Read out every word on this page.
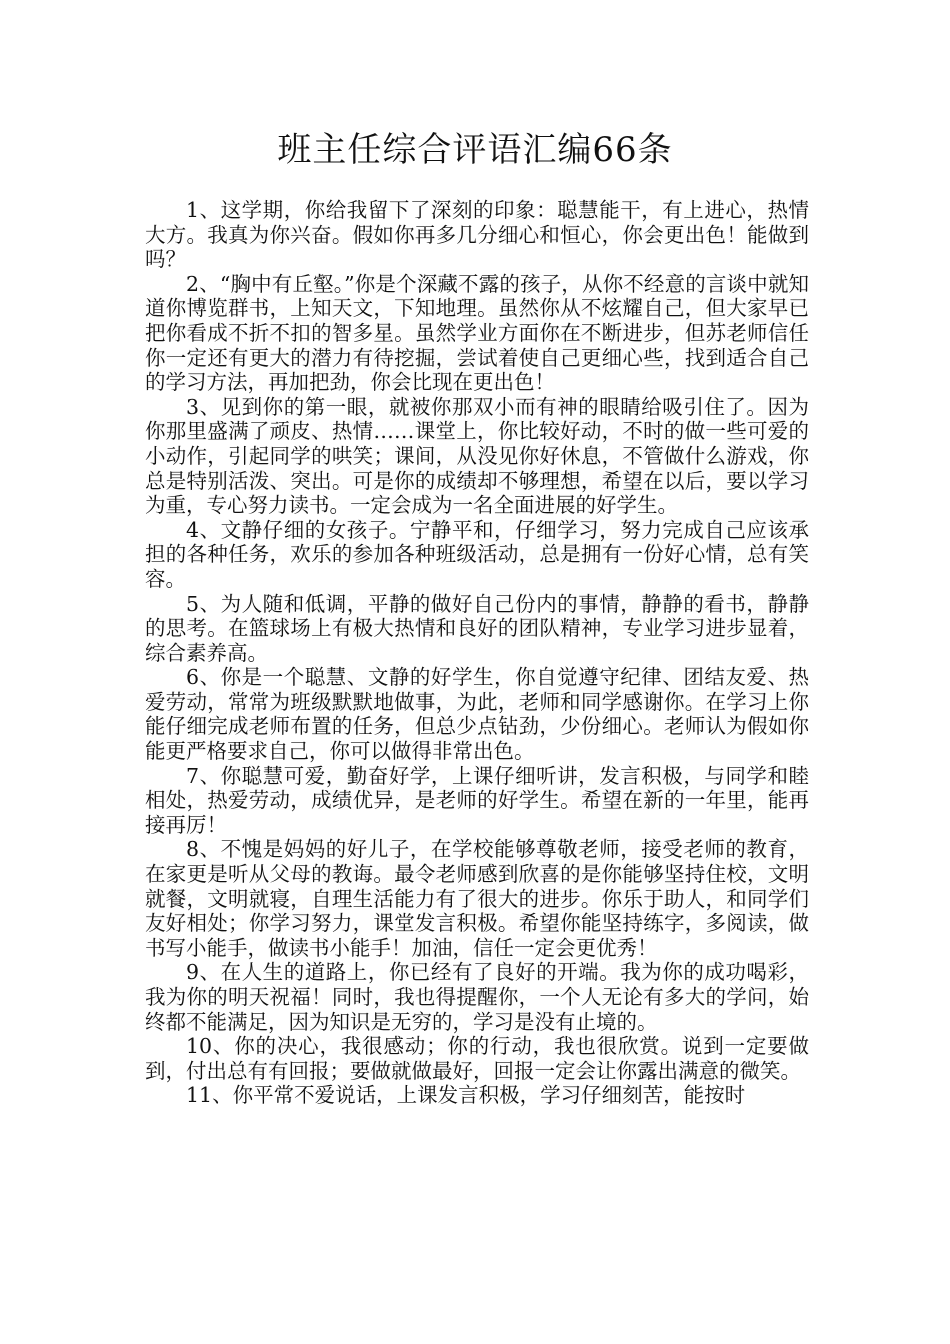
班主任综合评语汇编66条

1、这学期，你给我留下了深刻的印象：聪慧能干，有上进心，热情大方。我真为你兴奋。假如你再多几分细心和恒心，你会更出色！能做到吗？

2、“胸中有丘壑。”你是个深藏不露的孩子，从你不经意的言谈中就知道你博览群书，上知天文，下知地理。虽然你从不炫耀自己，但大家早已把你看成不折不扣的智多星。虽然学业方面你在不断进步，但苏老师信任你一定还有更大的潜力有待挖掘，尝试着使自己更细心些，找到适合自己的学习方法，再加把劲，你会比现在更出色！

3、见到你的第一眼，就被你那双小而有神的眼睛给吸引住了。因为你那里盛满了顽皮、热情……课堂上，你比较好动，不时的做一些可爱的小动作，引起同学的哄笑；课间，从没见你好休息，不管做什么游戏，你总是特别活泼、突出。可是你的成绩却不够理想，希望在以后，要以学习为重，专心努力读书。一定会成为一名全面进展的好学生。

4、文静仔细的女孩子。宁静平和，仔细学习，努力完成自己应该承担的各种任务，欢乐的参加各种班级活动，总是拥有一份好心情，总有笑容。

5、为人随和低调，平静的做好自己份内的事情，静静的看书，静静的思考。在篮球场上有极大热情和良好的团队精神，专业学习进步显着，综合素养高。

6、你是一个聪慧、文静的好学生，你自觉遵守纪律、团结友爱、热爱劳动，常常为班级默默地做事，为此，老师和同学感谢你。在学习上你能仔细完成老师布置的任务，但总少点钻劲，少份细心。老师认为假如你能更严格要求自己，你可以做得非常出色。

7、你聪慧可爱，勤奋好学，上课仔细听讲，发言积极，与同学和睦相处，热爱劳动，成绩优异，是老师的好学生。希望在新的一年里，能再接再厉！

8、不愧是妈妈的好儿子，在学校能够尊敬老师，接受老师的教育，在家更是听从父母的教诲。最令老师感到欣喜的是你能够坚持住校，文明就餐，文明就寝，自理生活能力有了很大的进步。你乐于助人，和同学们友好相处；你学习努力，课堂发言积极。希望你能坚持练字，多阅读，做书写小能手，做读书小能手！加油，信任一定会更优秀！

9、在人生的道路上，你已经有了良好的开端。我为你的成功喝彩，我为你的明天祝福！同时，我也得提醒你，一个人无论有多大的学问，始终都不能满足，因为知识是无穷的，学习是没有止境的。

10、你的决心，我很感动；你的行动，我也很欣赏。说到一定要做到，付出总有有回报；要做就做最好，回报一定会让你露出满意的微笑。

11、你平常不爱说话，上课发言积极，学习仔细刻苦，能按时
